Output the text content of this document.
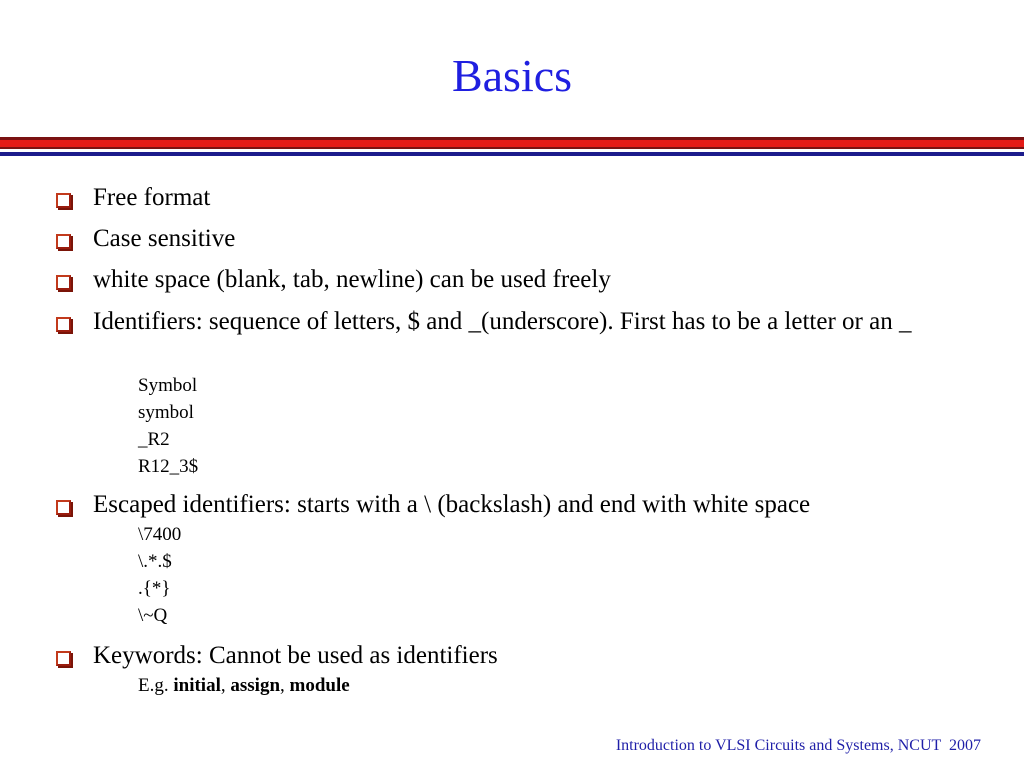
Basics
Free format
Case sensitive
white space (blank, tab, newline) can be used freely
Identifiers: sequence of letters, $ and _(underscore). First has to be a letter or an _
Symbol
symbol
_R2
R12_3$
Escaped identifiers: starts with a \ (backslash) and end with white space
\7400
\.*.$
.{*}
\~Q
Keywords: Cannot be used as identifiers
E.g. initial, assign, module
Introduction to VLSI Circuits and Systems, NCUT  2007
